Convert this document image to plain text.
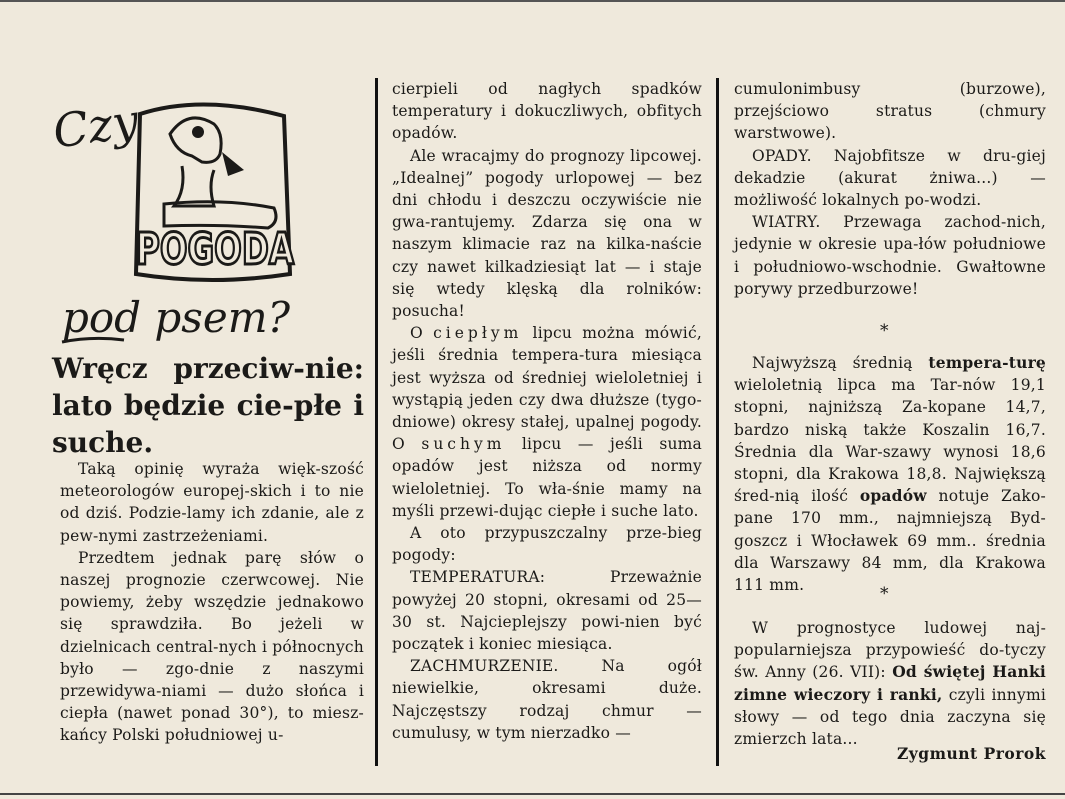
Czy
POGODA
pod psem?
Wręcz przeciw-nie: lato będzie cie-płe i suche.

Taką opinię wyraża więk-szość meteorologów europej-skich i to nie od dziś. Podzie-lamy ich zdanie, ale z pew-nymi zastrzeżeniami.

Przedtem jednak parę słów o naszej prognozie czerwcowej. Nie powiemy, żeby wszędzie jednakowo się sprawdziła. Bo jeżeli w dzielnicach central-nych i północnych było — zgo-dnie z naszymi przewidywa-niami — dużo słońca i ciepła (nawet ponad 30°), to miesz-kańcy Polski południowej u-

cierpieli od nagłych spadków temperatury i dokuczliwych, obfitych opadów.

Ale wracajmy do prognozy lipcowej. „Idealnej” pogody urlopowej — bez dni chłodu i deszczu oczywiście nie gwa-rantujemy. Zdarza się ona w naszym klimacie raz na kilka-naście czy nawet kilkadziesiąt lat — i staje się wtedy klęską dla rolników: posucha!

O ciepłym lipcu można mówić, jeśli średnia tempera-tura miesiąca jest wyższa od średniej wieloletniej i wystąpią jeden czy dwa dłuższe (tygo-dniowe) okresy stałej, upalnej pogody. O suchym lipcu — jeśli suma opadów jest niższa od normy wieloletniej. To wła-śnie mamy na myśli przewi-dując ciepłe i suche lato.

A oto przypuszczalny prze-bieg pogody:

TEMPERATURA: Przeważnie powyżej 20 stopni, okresami od 25—30 st. Najcieplejszy powi-nien być początek i koniec miesiąca.

ZACHMURZENIE. Na ogół niewielkie, okresami duże. Najczęstszy rodzaj chmur — cumulusy, w tym nierzadko —

cumulonimbusy (burzowe), przejściowo stratus (chmury warstwowe).

OPADY. Najobfitsze w dru-giej dekadzie (akurat żniwa...) — możliwość lokalnych po-wodzi.

WIATRY. Przewaga zachod-nich, jedynie w okresie upa-łów południowe i południowo-wschodnie. Gwałtowne porywy przedburzowe!

*

Najwyższą średnią tempera-turę wieloletnią lipca ma Tar-nów 19,1 stopni, najniższą Za-kopane 14,7, bardzo niską także Koszalin 16,7. Średnia dla War-szawy wynosi 18,6 stopni, dla Krakowa 18,8. Największą śred-nią ilość opadów notuje Zako-pane 170 mm., najmniejszą Byd-goszcz i Włocławek 69 mm.. średnia dla Warszawy 84 mm, dla Krakowa 111 mm.	*

W prognostyce ludowej naj-popularniejsza przypowieść do-tyczy św. Anny (26. VII): Od świętej Hanki zimne wieczory i ranki, czyli innymi słowy — od tego dnia zaczyna się zmierzch lata...

Zygmunt Prorok
